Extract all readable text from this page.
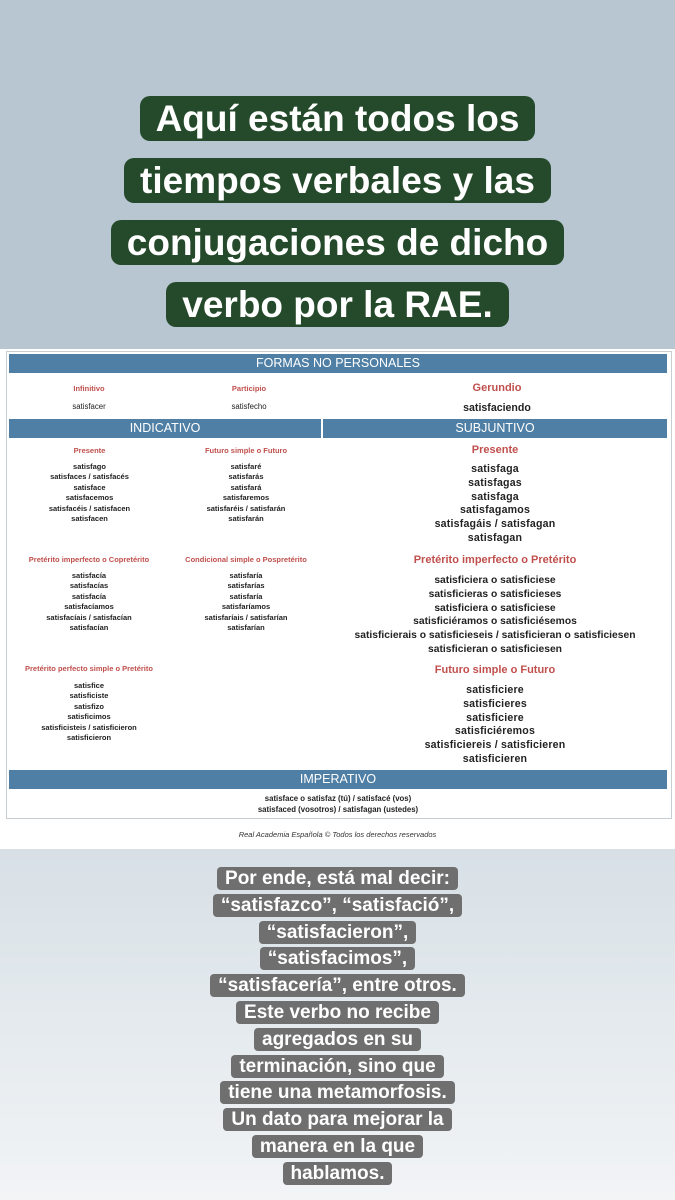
Aquí están todos los
tiempos verbales y las
conjugaciones de dicho
verbo por la RAE.
FORMAS NO PERSONALES
Infinitivo
satisfacer
Participio
satisfecho
Gerundio
satisfaciendo
INDICATIVO	SUBJUNTIVO
Presente
satisfago
satisfaces / satisfacés
satisface
satisfacemos
satisfacéis / satisfacen
satisfacen
Futuro simple o Futuro
satisfaré
satisfarás
satisfará
satisfaremos
satisfaréis / satisfarán
satisfarán
Pretérito imperfecto o Copretérito
satisfacía
satisfacías
satisfacía
satisfacíamos
satisfacíais / satisfacían
satisfacían
Condicional simple o Pospretérito
satisfaría
satisfarías
satisfaría
satisfaríamos
satisfaríais / satisfarían
satisfarían
Pretérito perfecto simple o Pretérito
satisfice
satisficiste
satisfizo
satisficimos
satisficisteis / satisficieron
satisficieron
Presente
satisfaga
satisfagas
satisfaga
satisfagamos
satisfagáis / satisfagan
satisfagan
Pretérito imperfecto o Pretérito
satisficiera o satisficiese
satisficieras o satisficieses
satisficiera o satisficiese
satisficiéramos o satisficiésemos
satisficierais o satisficieseis / satisficieran o satisficiesen
satisficieran o satisficiesen
Futuro simple o Futuro
satisficiere
satisficieres
satisficiere
satisficiéremos
satisficiereis / satisficieren
satisficieren
IMPERATIVO
satisface o satisfaz (tú) / satisfacé (vos)
satisfaced (vosotros) / satisfagan (ustedes)
Real Academia Española © Todos los derechos reservados
Por ende, está mal decir:
“satisfazco”, “satisfació”,
“satisfacieron”,
“satisfacimos”,
“satisfacería”, entre otros.
Este verbo no recibe
agregados en su
terminación, sino que
tiene una metamorfosis.
Un dato para mejorar la
manera en la que
hablamos.
